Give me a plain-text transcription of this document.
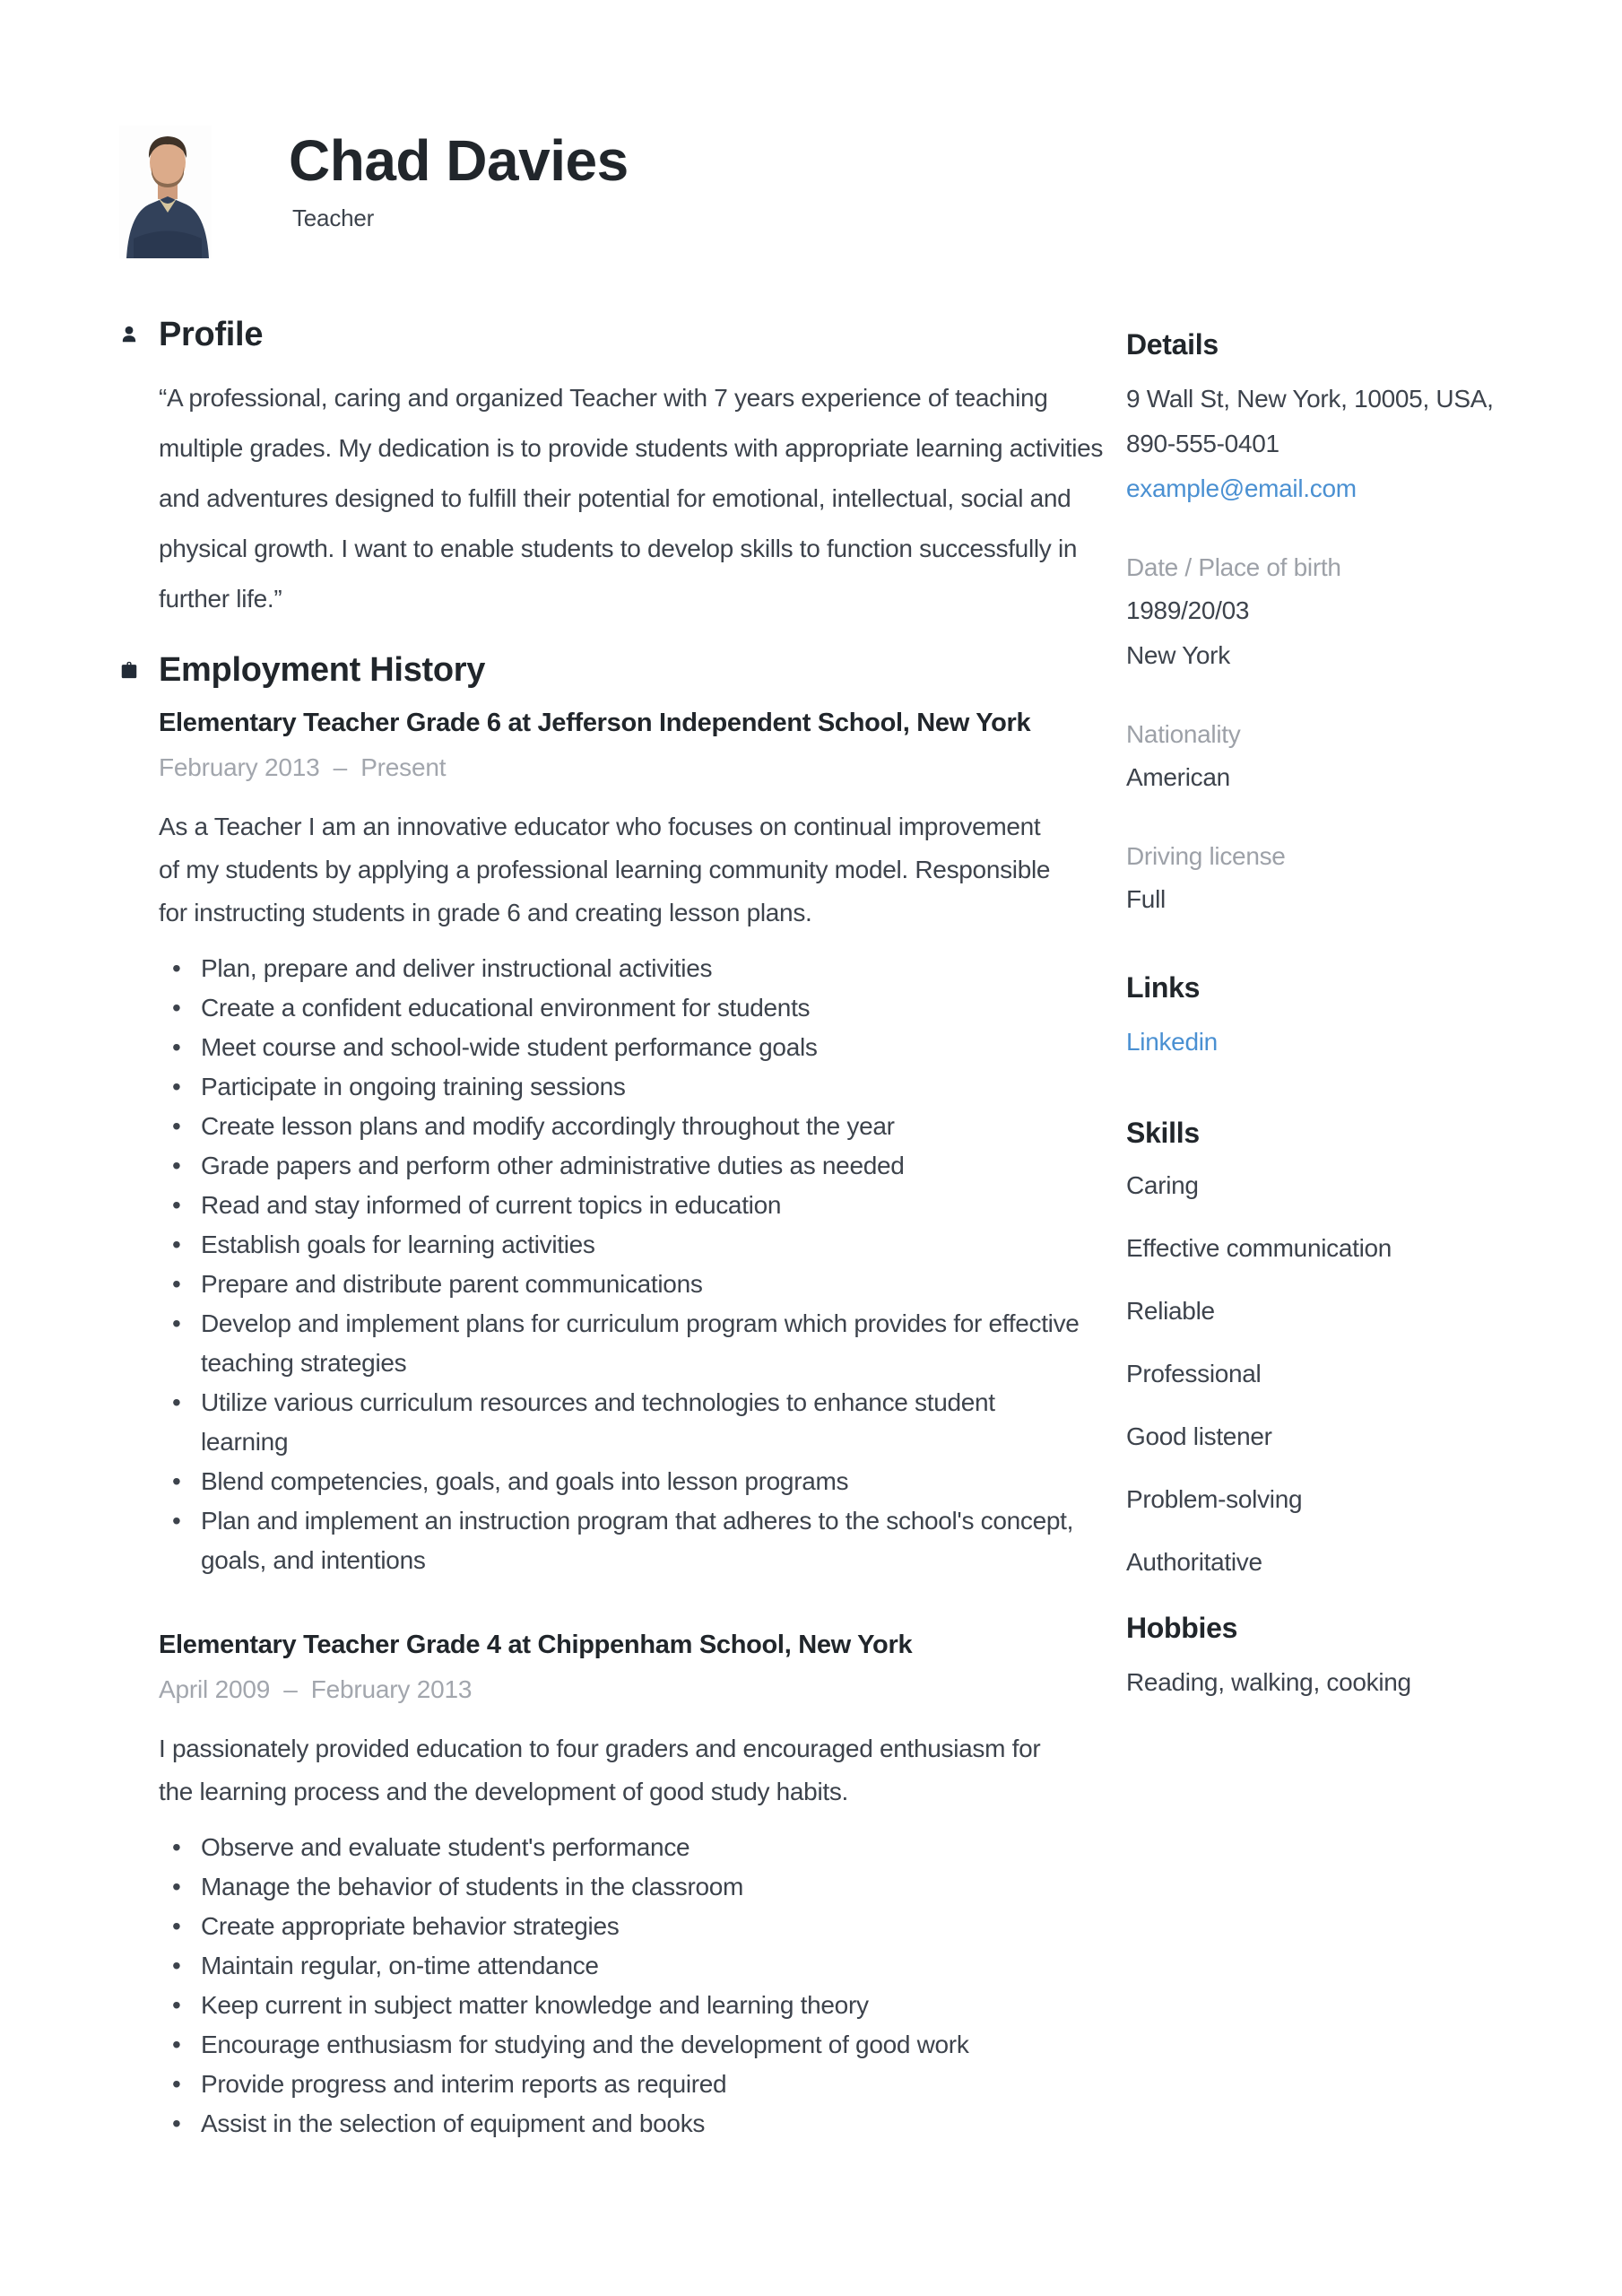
Chad Davies
Teacher
Profile

“A professional, caring and organized Teacher with 7 years experience of teaching multiple grades. My dedication is to provide students with appropriate learning activities and adventures designed to fulfill their potential for emotional, intellectual, social and physical growth. I want to enable students to develop skills to function successfully in further life.”

Employment History
Elementary Teacher Grade 6 at Jefferson Independent School, New York
February 2013  –  Present

As a Teacher I am an innovative educator who focuses on continual improvement of my students by applying a professional learning community model. Responsible for instructing students in grade 6 and creating lesson plans.

• Plan, prepare and deliver instructional activities
• Create a confident educational environment for students
• Meet course and school-wide student performance goals
• Participate in ongoing training sessions
• Create lesson plans and modify accordingly throughout the year
• Grade papers and perform other administrative duties as needed
• Read and stay informed of current topics in education
• Establish goals for learning activities
• Prepare and distribute parent communications
• Develop and implement plans for curriculum program which provides for effective teaching strategies
• Utilize various curriculum resources and technologies to enhance student learning
• Blend competencies, goals, and goals into lesson programs
• Plan and implement an instruction program that adheres to the school's concept, goals, and intentions
Elementary Teacher Grade 4 at Chippenham School, New York
April 2009  –  February 2013

I passionately provided education to four graders and encouraged enthusiasm for the learning process and the development of good study habits.

• Observe and evaluate student's performance
• Manage the behavior of students in the classroom
• Create appropriate behavior strategies
• Maintain regular, on-time attendance
• Keep current in subject matter knowledge and learning theory
• Encourage enthusiasm for studying and the development of good work
• Provide progress and interim reports as required
• Assist in the selection of equipment and books
Details
9 Wall St, New York, 10005, USA,
890-555-0401
example@email.com
Date / Place of birth
1989/20/03
New York
Nationality
American
Driving license
Full
Links
Linkedin
Skills
Caring
Effective communication
Reliable
Professional
Good listener
Problem-solving
Authoritative
Hobbies
Reading, walking, cooking
